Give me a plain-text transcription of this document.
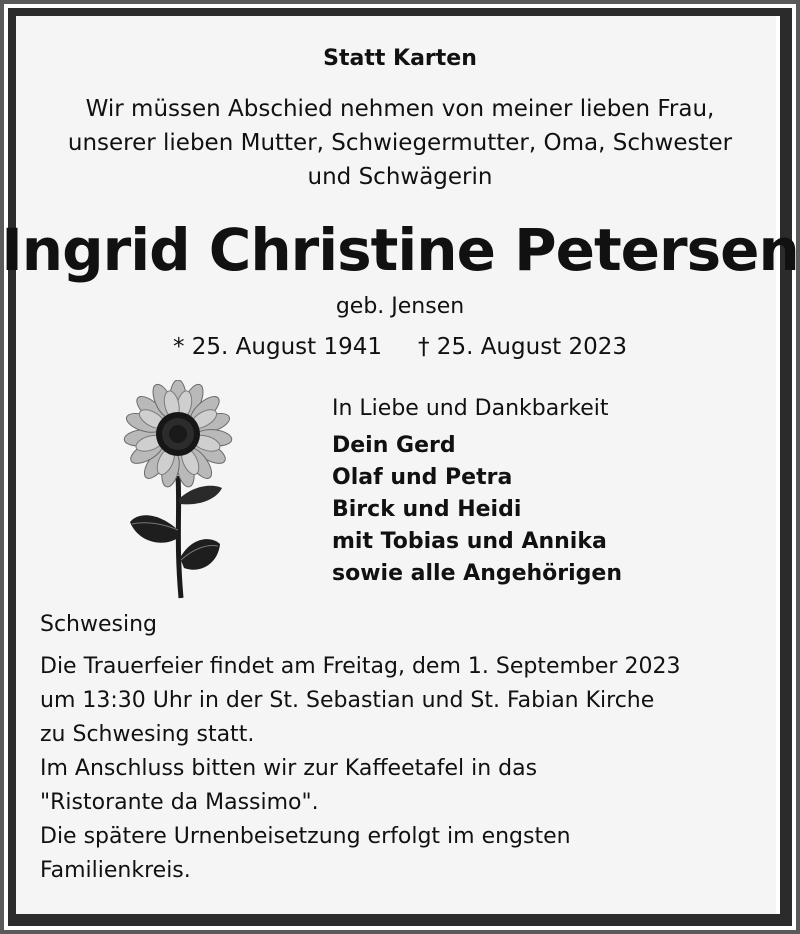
Statt Karten
Wir müssen Abschied nehmen von meiner lieben Frau,
unserer lieben Mutter, Schwiegermutter, Oma, Schwester
und Schwägerin
Ingrid Christine Petersen
geb. Jensen
* 25. August 1941 † 25. August 2023
In Liebe und Dankbarkeit
Dein Gerd
Olaf und Petra
Birck und Heidi
mit Tobias und Annika
sowie alle Angehörigen
Schwesing
Die Trauerfeier findet am Freitag, dem 1. September 2023
um 13:30 Uhr in der St. Sebastian und St. Fabian Kirche
zu Schwesing statt.
Im Anschluss bitten wir zur Kaffeetafel in das
"Ristorante da Massimo".
Die spätere Urnenbeisetzung erfolgt im engsten
Familienkreis.
